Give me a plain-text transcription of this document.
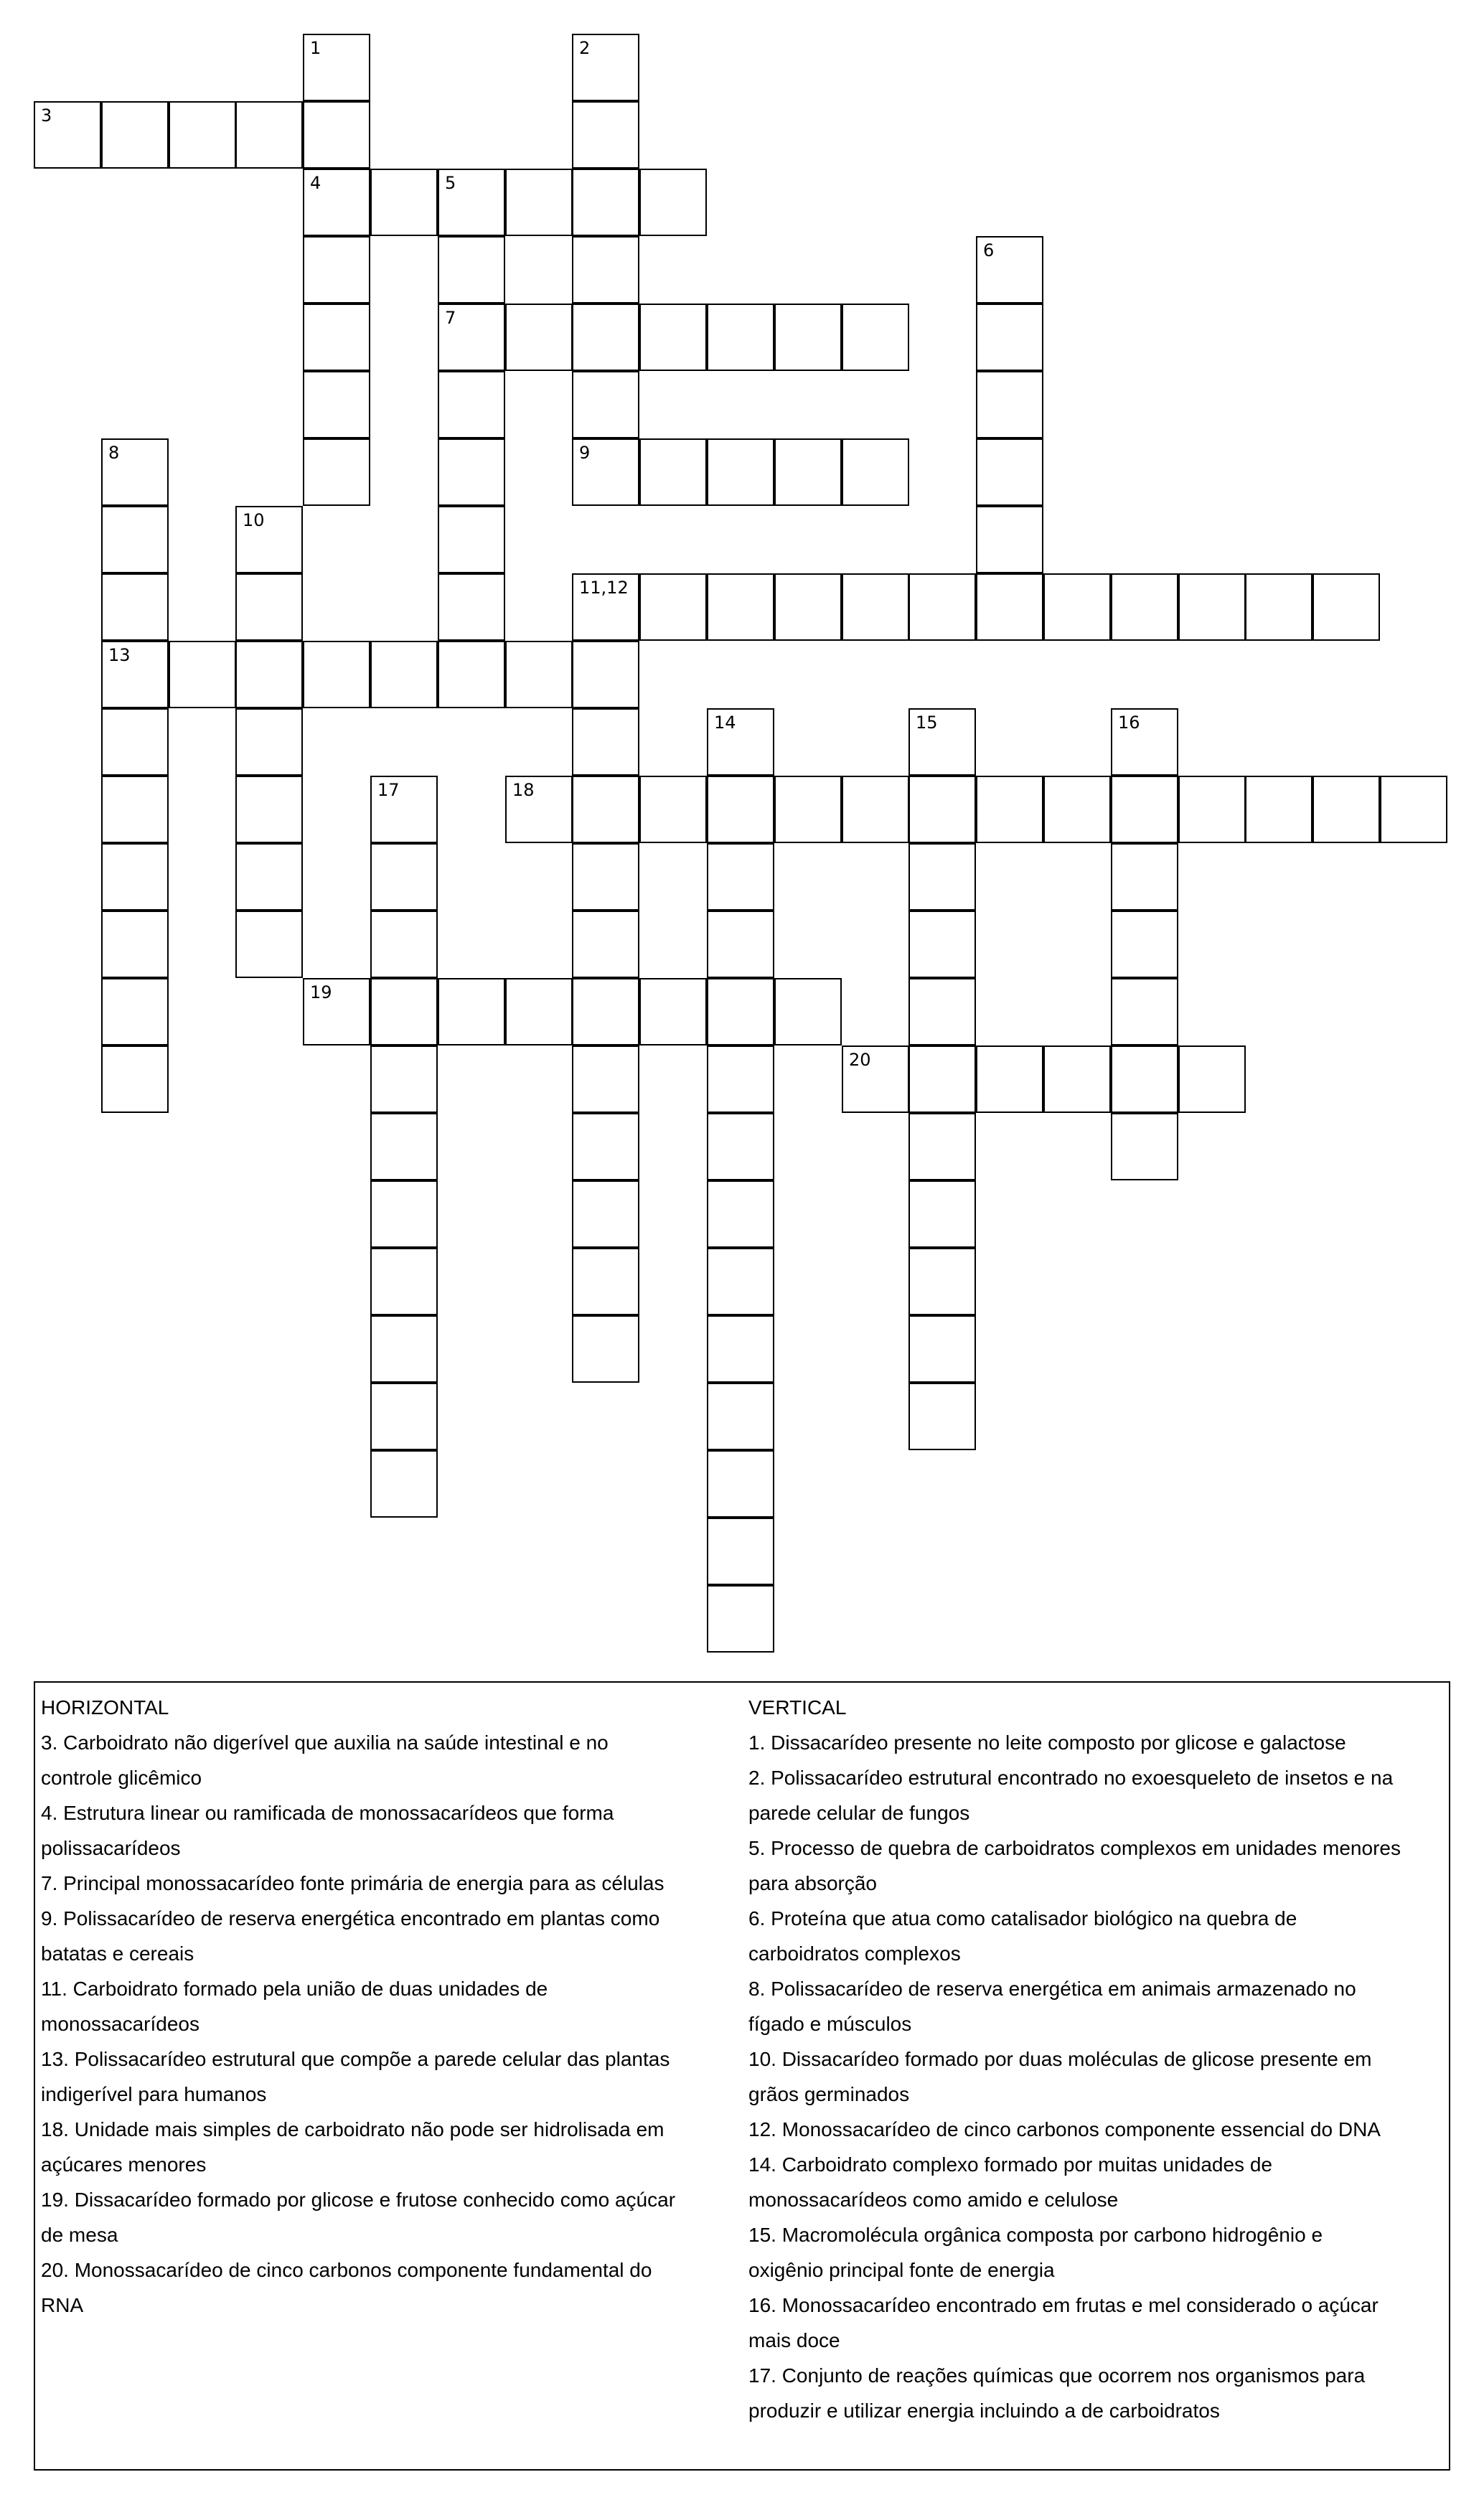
1
4
2
3
5
7
6
8
13
9
10
11,12
14	15	16
17	18
19
20
HORIZONTAL
3. Carboidrato não digerível que auxilia na saúde intestinal e no
controle glicêmico
4. Estrutura linear ou ramificada de monossacarídeos que forma
polissacarídeos
7. Principal monossacarídeo fonte primária de energia para as células
9. Polissacarídeo de reserva energética encontrado em plantas como
batatas e cereais
11. Carboidrato formado pela união de duas unidades de
monossacarídeos
13. Polissacarídeo estrutural que compõe a parede celular das plantas
indigerível para humanos
18. Unidade mais simples de carboidrato não pode ser hidrolisada em
açúcares menores
19. Dissacarídeo formado por glicose e frutose conhecido como açúcar
de mesa
20. Monossacarídeo de cinco carbonos componente fundamental do
RNA
VERTICAL
1. Dissacarídeo presente no leite composto por glicose e galactose
2. Polissacarídeo estrutural encontrado no exoesqueleto de insetos e na
parede celular de fungos
5. Processo de quebra de carboidratos complexos em unidades menores
para absorção
6. Proteína que atua como catalisador biológico na quebra de
carboidratos complexos
8. Polissacarídeo de reserva energética em animais armazenado no
fígado e músculos
10. Dissacarídeo formado por duas moléculas de glicose presente em
grãos germinados
12. Monossacarídeo de cinco carbonos componente essencial do DNA
14. Carboidrato complexo formado por muitas unidades de
monossacarídeos como amido e celulose
15. Macromolécula orgânica composta por carbono hidrogênio e
oxigênio principal fonte de energia
16. Monossacarídeo encontrado em frutas e mel considerado o açúcar
mais doce
17. Conjunto de reações químicas que ocorrem nos organismos para
produzir e utilizar energia incluindo a de carboidratos
